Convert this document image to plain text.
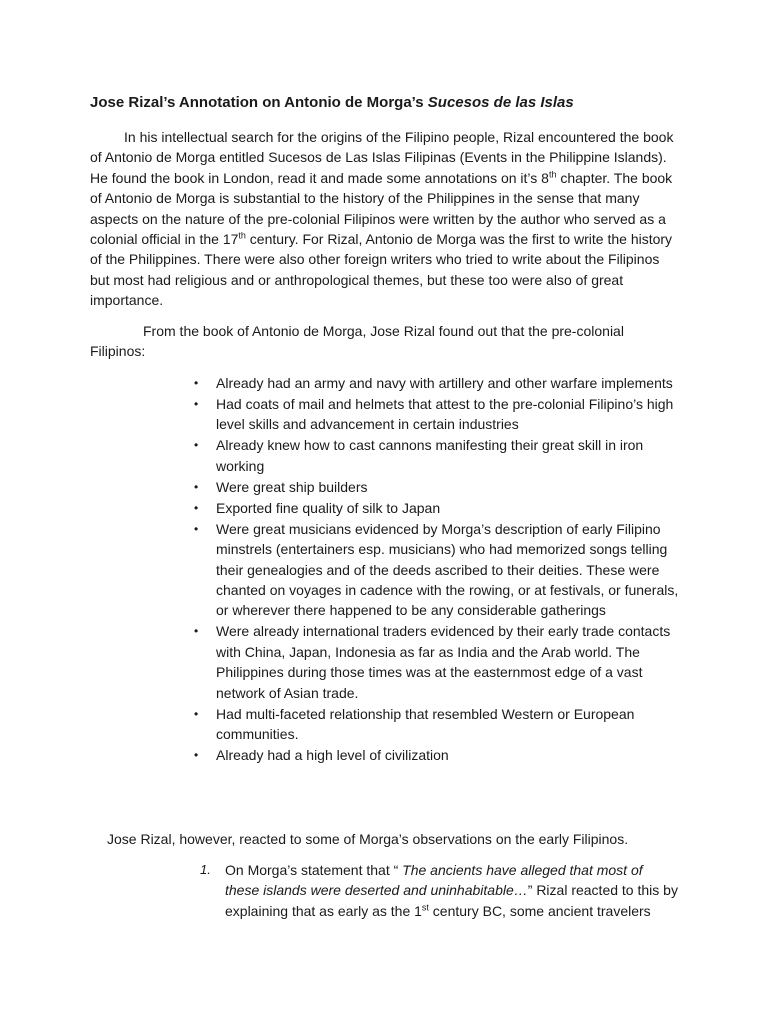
Jose Rizal’s Annotation on Antonio de Morga’s Sucesos de las Islas

In his intellectual search for the origins of the Filipino people, Rizal encountered the book of Antonio de Morga entitled Sucesos de Las Islas Filipinas (Events in the Philippine Islands). He found the book in London, read it and made some annotations on it’s 8th chapter. The book of Antonio de Morga is substantial to the history of the Philippines in the sense that many aspects on the nature of the pre-colonial Filipinos were written by the author who served as a colonial official in the 17th century. For Rizal, Antonio de Morga was the first to write the history of the Philippines. There were also other foreign writers who tried to write about the Filipinos but most had religious and or anthropological themes, but these too were also of great importance.

From the book of Antonio de Morga, Jose Rizal found out that the pre-colonial Filipinos:

• Already had an army and navy with artillery and other warfare implements
• Had coats of mail and helmets that attest to the pre-colonial Filipino’s high level skills and advancement in certain industries
• Already knew how to cast cannons manifesting their great skill in iron working
• Were great ship builders
• Exported fine quality of silk to Japan
• Were great musicians evidenced by Morga’s description of early Filipino minstrels (entertainers esp. musicians) who had memorized songs telling their genealogies and of the deeds ascribed to their deities. These were chanted on voyages in cadence with the rowing, or at festivals, or funerals, or wherever there happened to be any considerable gatherings
• Were already international traders evidenced by their early trade contacts with China, Japan, Indonesia as far as India and the Arab world. The Philippines during those times was at the easternmost edge of a vast network of Asian trade.
• Had multi-faceted relationship that resembled Western or European communities.
• Already had a high level of civilization

Jose Rizal, however, reacted to some of Morga’s observations on the early Filipinos.

1. On Morga’s statement that “ The ancients have alleged that most of these islands were deserted and uninhabitable…” Rizal reacted to this by explaining that as early as the 1st century BC, some ancient travelers
